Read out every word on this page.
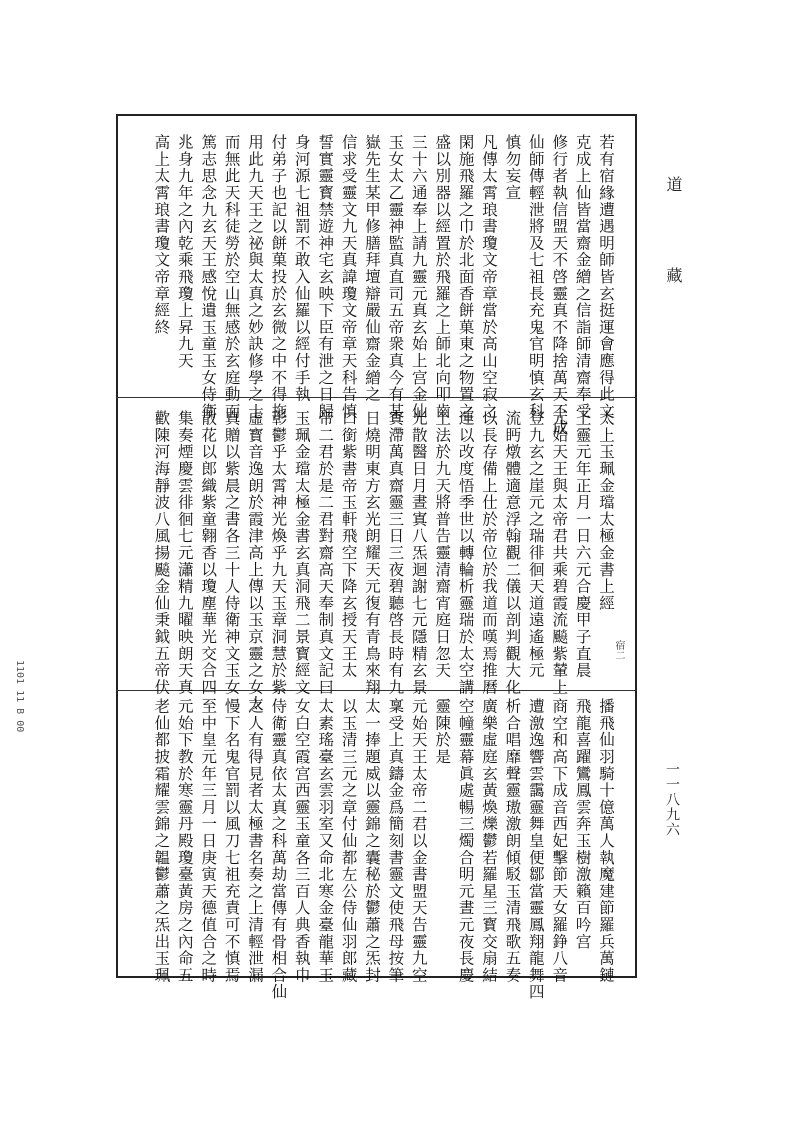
道 藏
一一八九六
1101 11 B 00
宿二
若有宿緣遭遇明師皆玄挺運會應得此文
克成上仙皆當齋金繒之信詣師清齋奉受
修行者執信盟天不啓靈真不降捨萬天不成
仙師傳輕泄將及七祖長充鬼官明慎玄科
慎勿妄宣
凡傳太霄琅書瓊文帝章當於高山空寂之
閑施飛羅之巾於北面香餅菓東之物置之
盛以別器以經置於飛羅之上師北向叩齒
三十六通奉上請九靈元真玄始上宫金仙
玉女太乙靈神監真直司五帝衆真今有某
嶽先生某甲修膳拜壇辯嚴仙齋金繒之
信求受靈文九天真諱瓊文帝章天科告慎
誓實靈寳禁遊神宅玄映下臣有泄之日歸
身河源七祖罰不敢入仙羅以經付手執
付弟子也記以餅菓投於玄微之中不得拖
用此九天王之祕與太真之妙訣修學之士
而無此天科徒勞於空山無感於玄庭動而
篤志思念九玄天王感悅遺玉童玉女侍衛
兆身九年之內乾乘飛瓊上昇九天
高上太霄琅書瓊文帝章經終
太上玉珮金璫太極金書上經
上靈元年正月一日六元合慶甲子直晨
元始天王與太帝君共乘碧霞流飈紫輦上
登九玄之崖元之瑞徘徊天道遠遙極元
流眄燉體適意浮翰觀二儀以剖判觀大化
以長存備上仕於帝位於我道而嘆焉推曆
運以改度悟季世以轉輪析靈瑞於太空講
上法於九天將普告靈清齋宵庭日忽天
光散醫日月晝寘八炁迴謝七元隱精玄景
寘滯萬真齋靈三日三夜碧聽啓長時有九
日燒明東方玄光朗耀天元復有青鳥來翔
口銜紫書帝玉軒飛空下降玄授天王太
帝二君於是二君對齋高天奉制真文記曰
玉珮金璫太極金書玄真洞飛二景寳經文
彰鬱乎太霄神光煥乎九天玉章洞慧於紫
虛寳音逸朗於霞津高上傳以玉京靈之女太
真贈以紫晨之書各三十人侍衛神文玉女
散花以郎織紫童翱香以瓊塵華光交合四
集奏煙慶雲徘徊七元瀟精九曜映朗天真
歡陳河海靜波八風揚飈金仙秉鉞五帝伏
播飛仙羽騎十億萬人執魔建節羅兵萬鏈
飛龍喜躍鸞鳳雲奔玉樹激籟百吟宫
商空和高下成音西妃擊節天女羅錚八音
遭激逸響雲靄靈舞皇便鄒當靈鳳翔龍舞四
析合唱靡聲靈璈激朗傾駁玉清飛歌五奏
廣樂虛庭玄黃煥爍鬱若羅星三寳交扇結
空幢靈幕眞處暢三燭合明元晝元夜長慶
靈陳於是
元始天王太帝二君以金書盟天告靈九空
稟受上真鑄金爲簡刻書靈文使飛母按筆
太一捧題威以靈錦之囊秘於鬱蕭之炁封
以玉清三元之章付仙都左公侍仙羽郎藏
太素瑤臺玄雲羽室又命北寒金臺龍華玉
女白空霞宫西靈玉童各三百人典香執巾
侍衛靈真依太真之科萬劫當傳有骨相合仙
之人有得見者太極書名奏之上清輕泄漏
慢下名鬼官罰以風刀七祖充責可不慎焉
至中皇元年三月一日庚寅天德值合之時
元始下教於寒靈丹殿瓊臺黃房之內命五
老仙都披霜耀雲錦之韞鬱蕭之炁出玉珮
